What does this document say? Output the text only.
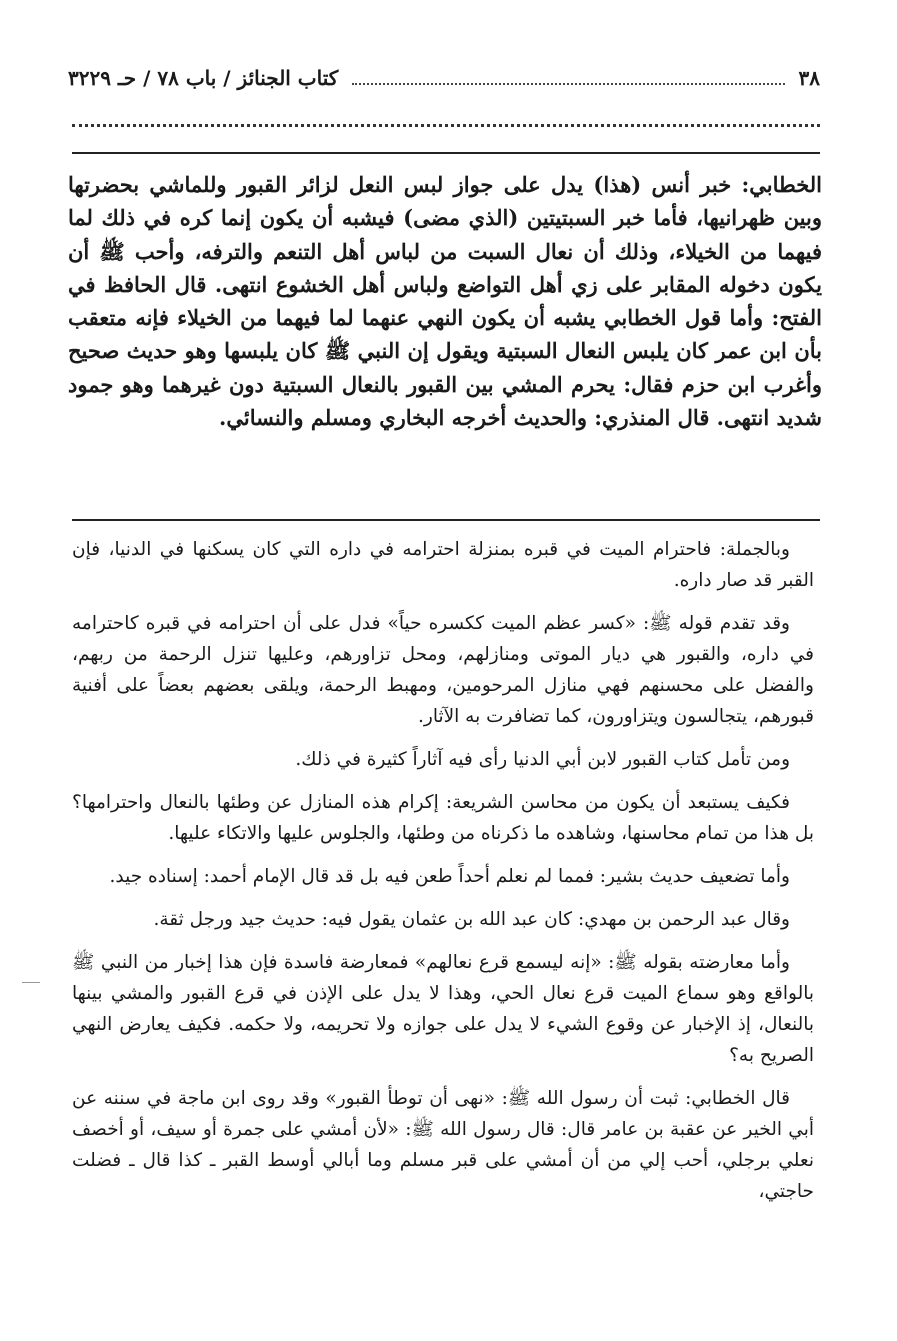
٣٨
كتاب الجنائز / باب ٧٨ / حـ ٣٢٢٩

الخطابي: خبر أنس (هذا) يدل على جواز لبس النعل لزائر القبور وللماشي بحضرتها وبين ظهرانيها، فأما خبر السبتيتين (الذي مضى) فيشبه أن يكون إنما كره في ذلك لما فيهما من الخيلاء، وذلك أن نعال السبت من لباس أهل التنعم والترفه، وأحب ﷺ أن يكون دخوله المقابر على زي أهل التواضع ولباس أهل الخشوع انتهى. قال الحافظ في الفتح: وأما قول الخطابي يشبه أن يكون النهي عنهما لما فيهما من الخيلاء فإنه متعقب بأن ابن عمر كان يلبس النعال السبتية ويقول إن النبي ﷺ كان يلبسها وهو حديث صحيح وأغرب ابن حزم فقال: يحرم المشي بين القبور بالنعال السبتية دون غيرهما وهو جمود شديد انتهى. قال المنذري: والحديث أخرجه البخاري ومسلم والنسائي.

وبالجملة: فاحترام الميت في قبره بمنزلة احترامه في داره التي كان يسكنها في الدنيا، فإن القبر قد صار داره.

وقد تقدم قوله ﷺ: «كسر عظم الميت ككسره حياً» فدل على أن احترامه في قبره كاحترامه في داره، والقبور هي ديار الموتى ومنازلهم، ومحل تزاورهم، وعليها تنزل الرحمة من ربهم، والفضل على محسنهم فهي منازل المرحومين، ومهبط الرحمة، ويلقى بعضهم بعضاً على أفنية قبورهم، يتجالسون ويتزاورون، كما تضافرت به الآثار.

ومن تأمل كتاب القبور لابن أبي الدنيا رأى فيه آثاراً كثيرة في ذلك.

فكيف يستبعد أن يكون من محاسن الشريعة: إكرام هذه المنازل عن وطئها بالنعال واحترامها؟ بل هذا من تمام محاسنها، وشاهده ما ذكرناه من وطئها، والجلوس عليها والاتكاء عليها.

وأما تضعيف حديث بشير: فمما لم نعلم أحداً طعن فيه بل قد قال الإمام أحمد: إسناده جيد.

وقال عبد الرحمن بن مهدي: كان عبد الله بن عثمان يقول فيه: حديث جيد ورجل ثقة.

وأما معارضته بقوله ﷺ: «إنه ليسمع قرع نعالهم» فمعارضة فاسدة فإن هذا إخبار من النبي ﷺ بالواقع وهو سماع الميت قرع نعال الحي، وهذا لا يدل على الإذن في قرع القبور والمشي بينها بالنعال، إذ الإخبار عن وقوع الشيء لا يدل على جوازه ولا تحريمه، ولا حكمه. فكيف يعارض النهي الصريح به؟

قال الخطابي: ثبت أن رسول الله ﷺ: «نهى أن توطأ القبور» وقد روى ابن ماجة في سننه عن أبي الخير عن عقبة بن عامر قال: قال رسول الله ﷺ: «لأن أمشي على جمرة أو سيف، أو أخصف نعلي برجلي، أحب إلي من أن أمشي على قبر مسلم وما أبالي أوسط القبر ـ كذا قال ـ فضلت حاجتي،
